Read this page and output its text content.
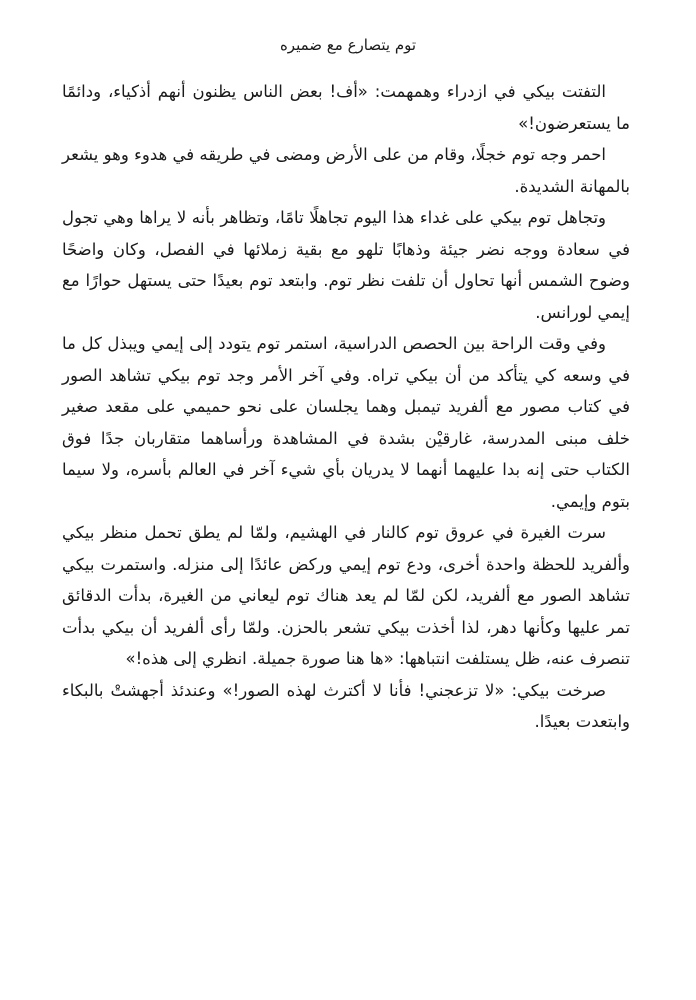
توم يتصارع مع ضميره

التفتت بيكي في ازدراء وهمهمت: «أف! بعض الناس يظنون أنهم أذكياء، ودائمًا ما يستعرضون!»

احمر وجه توم خجلًا، وقام من على الأرض ومضى في طريقه في هدوء وهو يشعر بالمهانة الشديدة.

وتجاهل توم بيكي على غداء هذا اليوم تجاهلًا تامًا، وتظاهر بأنه لا يراها وهي تجول في سعادة ووجه نضر جيئة وذهابًا تلهو مع بقية زملائها في الفصل، وكان واضحًا وضوح الشمس أنها تحاول أن تلفت نظر توم. وابتعد توم بعيدًا حتى يستهل حوارًا مع إيمي لورانس.

وفي وقت الراحة بين الحصص الدراسية، استمر توم يتودد إلى إيمي ويبذل كل ما في وسعه كي يتأكد من أن بيكي تراه. وفي آخر الأمر وجد توم بيكي تشاهد الصور في كتاب مصور مع ألفريد تيمبل وهما يجلسان على نحو حميمي على مقعد صغير خلف مبنى المدرسة، غارقيْن بشدة في المشاهدة ورأساهما متقاربان جدًا فوق الكتاب حتى إنه بدا عليهما أنهما لا يدريان بأي شيء آخر في العالم بأسره، ولا سيما بتوم وإيمي.

سرت الغيرة في عروق توم كالنار في الهشيم، ولمّا لم يطق تحمل منظر بيكي وألفريد للحظة واحدة أخرى، ودع توم إيمي وركض عائدًا إلى منزله. واستمرت بيكي تشاهد الصور مع ألفريد، لكن لمّا لم يعد هناك توم ليعاني من الغيرة، بدأت الدقائق تمر عليها وكأنها دهر، لذا أخذت بيكي تشعر بالحزن. ولمّا رأى ألفريد أن بيكي بدأت تنصرف عنه، ظل يستلفت انتباهها: «ها هنا صورة جميلة. انظري إلى هذه!»

صرخت بيكي: «لا تزعجني! فأنا لا أكترث لهذه الصور!» وعندئذ أجهشتْ بالبكاء وابتعدت بعيدًا.
